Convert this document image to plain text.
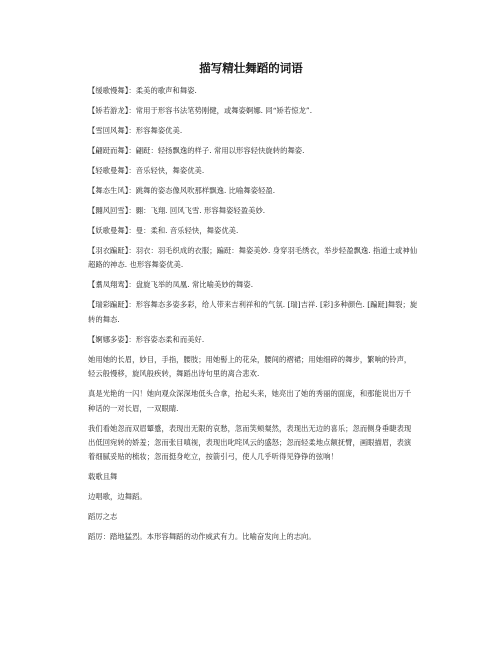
描写精壮舞蹈的词语

【缓歌慢舞】：柔美的歌声和舞姿.

【矫若游龙】：常用于形容书法笔势刚健，或舞姿婀娜. 同“矫若惊龙”.

【雪回风舞】：形容舞姿优美.

【翩跹而舞】：翩跹：轻扬飘逸的样子. 常用以形容轻快旋转的舞姿.

【轻歌曼舞】：音乐轻快，舞姿优美.

【舞态生风】：跳舞的姿态像风吹那样飘逸. 比喻舞姿轻盈.

【翾风回雪】：翾：飞翔. 回风飞雪. 形容舞姿轻盈美妙.

【妖歌曼舞】：曼：柔和. 音乐轻快，舞姿优美.

【羽衣蹁跹】：羽衣：羽毛织成的衣服；蹁跹：舞姿美妙. 身穿羽毛绣衣，举步轻盈飘逸. 指道士或神仙超路的神态. 也形容舞姿优美.

【翥凤翔鸾】：盘旋飞举的凤凰. 常比喻美妙的舞姿.

【瑞彩蹁跹】：形容舞态多姿多彩，给人带来吉利祥和的气氛. [瑞]吉祥. [彩]多种颜色. [蹁跹]舞裂；旋转的舞态.

【婀娜多姿】：形容姿态柔和而美好.

她用她的长眉，妙目，手指，腰肢；用她髻上的花朵，腰间的褶裙；用她细碎的舞步，繁响的铃声，轻云般慢移，旋风般疾转，舞蹈出诗句里的离合悲欢.

真是光艳的一闪！她向观众深深地低头合拿，抬起头来，她亮出了她的秀丽的面庞，和那能说出万千种话的一对长眉，一双眼睛.

我们看她忽而双眉颦蹙，表现出无限的哀愁，忽而笑颊粲然，表现出无边的喜乐；忽而侧身垂睫表现出低回宛转的娇羞；忽而张目嗔视，表现出叱咤风云的盛怒；忽而轻柔地点额抚臂，画眼描眉，表演着细腻妥贴的梳妆；忽而挺身屹立，按箭引弓，使人几乎听得见铮铮的弦响！

载歌且舞

边唱歌，边舞蹈。

蹈厉之志

蹈厉：踏地猛烈。本形容舞蹈的动作威武有力。比喻奋发向上的志向。
